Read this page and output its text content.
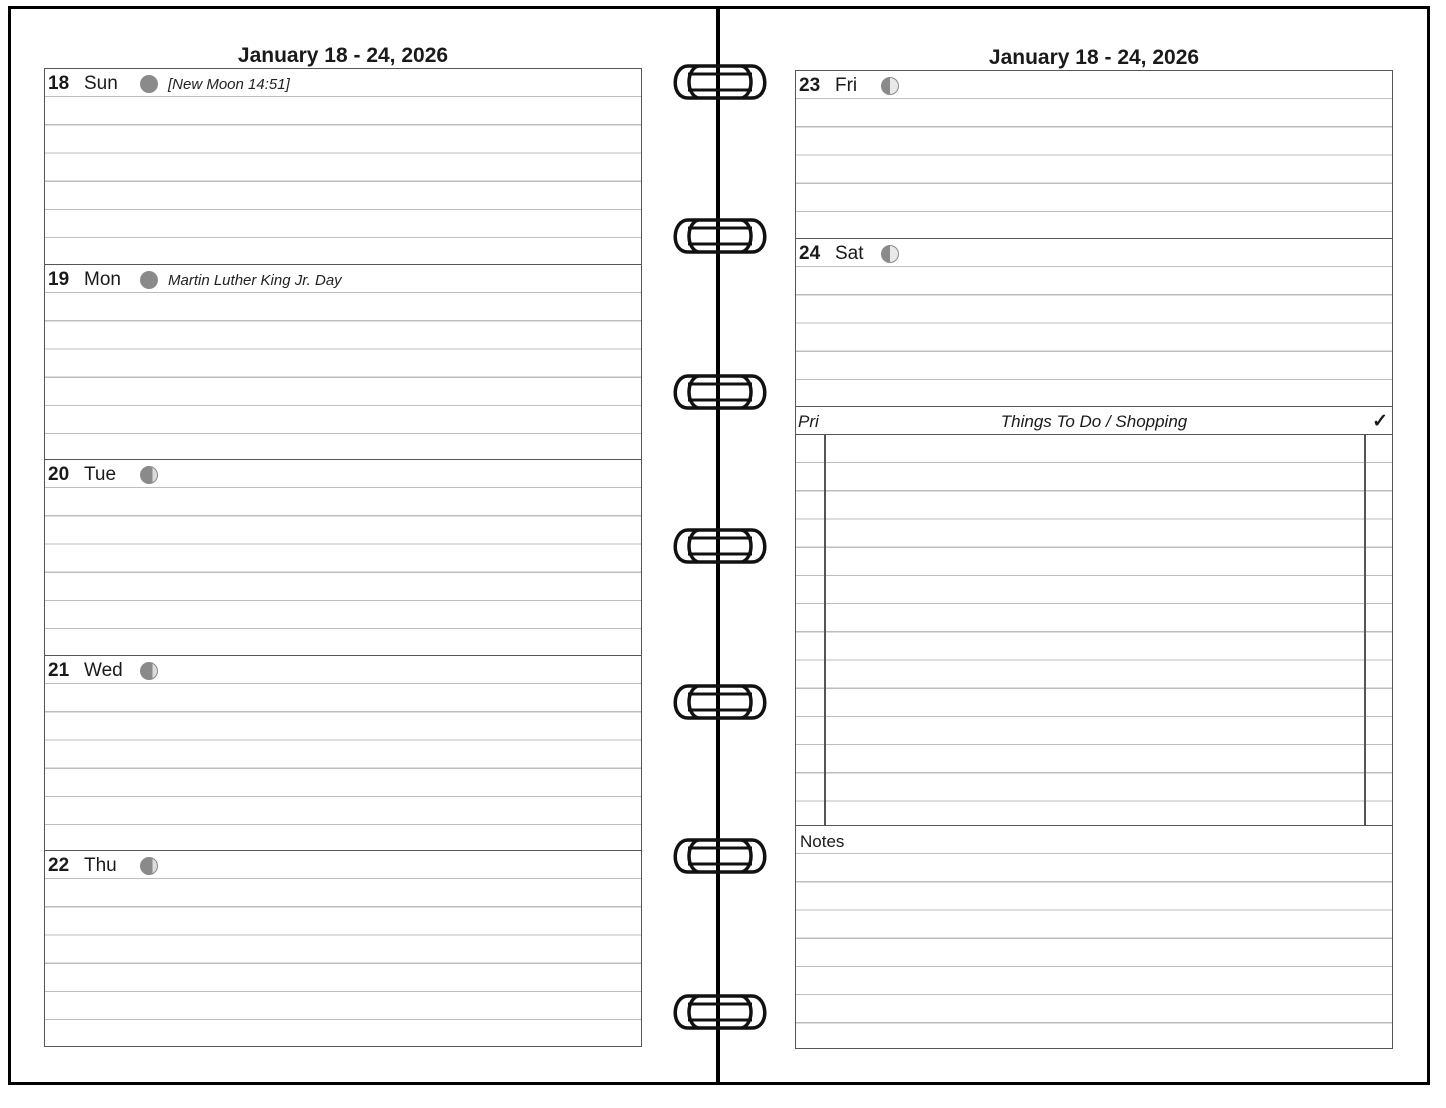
January 18 - 24, 2026
18 Sun	[New Moon 14:51]
19 Mon	Martin Luther King Jr. Day
20 Tue
21 Wed
22 Thu
January 18 - 24, 2026
23 Fri
24 Sat
Pri	Things To Do / Shopping	✓
Notes
